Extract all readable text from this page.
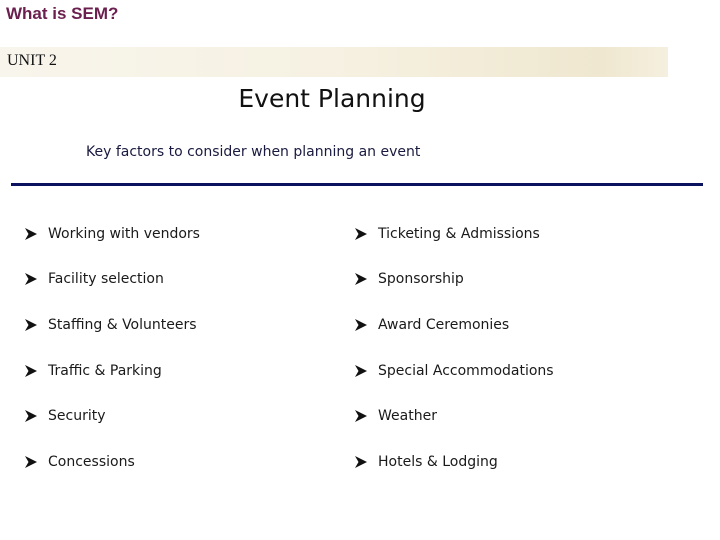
What is SEM?
UNIT 2
Event Planning
Key factors to consider when planning an event
Working with vendors
Facility selection
Staffing & Volunteers
Traffic & Parking
Security
Concessions
Ticketing & Admissions
Sponsorship
Award Ceremonies
Special Accommodations
Weather
Hotels & Lodging
